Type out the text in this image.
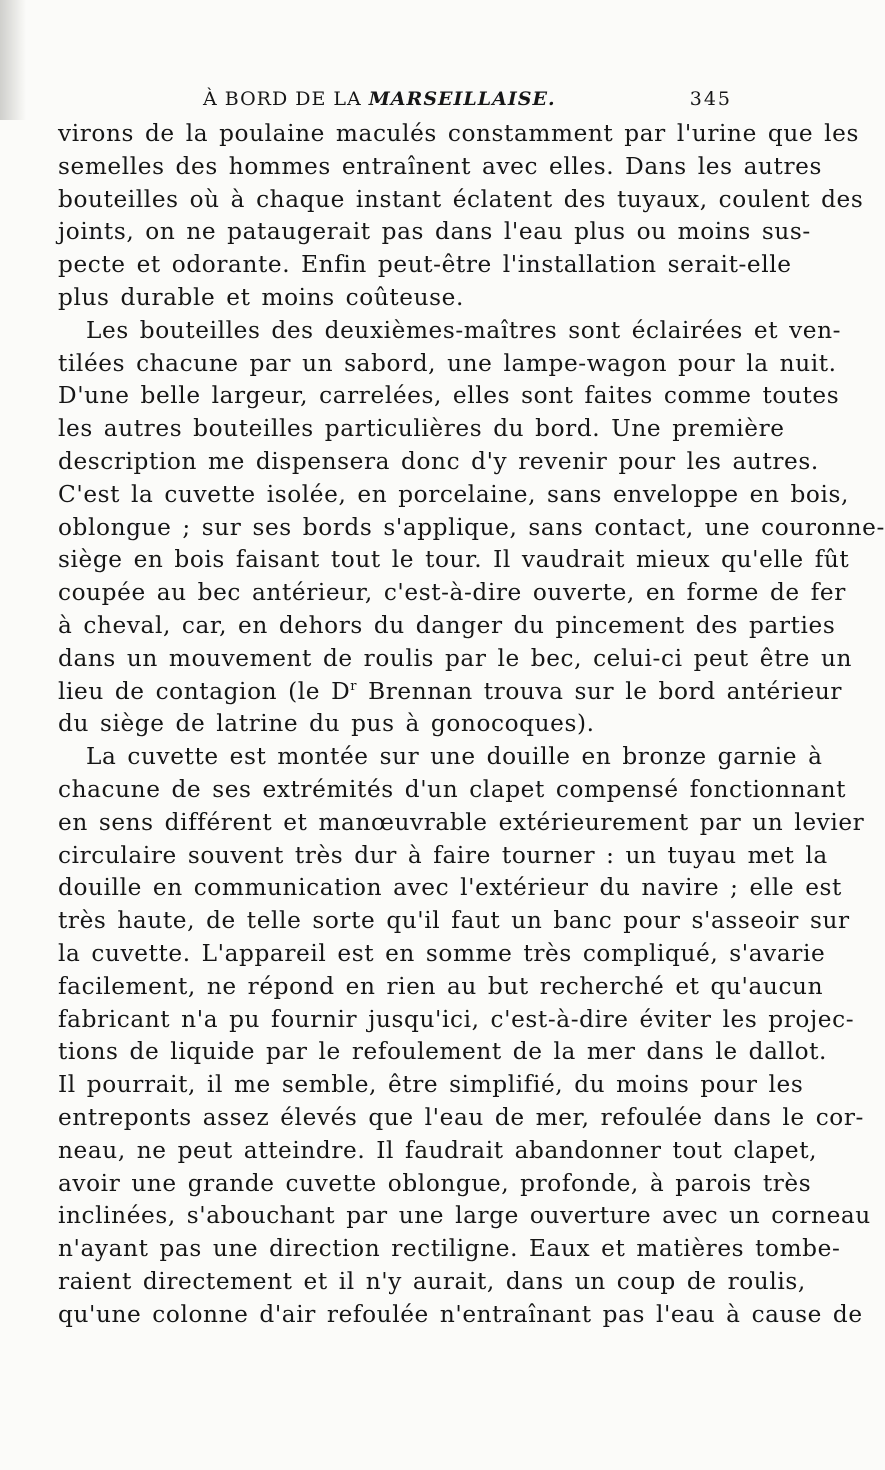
À BORD DE LA MARSEILLAISE.	345
virons de la poulaine maculés constamment par l'urine que les
semelles des hommes entraînent avec elles. Dans les autres
bouteilles où à chaque instant éclatent des tuyaux, coulent des
joints, on ne pataugerait pas dans l'eau plus ou moins sus-
pecte et odorante. Enfin peut-être l'installation serait-elle
plus durable et moins coûteuse.
Les bouteilles des deuxièmes-maîtres sont éclairées et ven-
tilées chacune par un sabord, une lampe-wagon pour la nuit.
D'une belle largeur, carrelées, elles sont faites comme toutes
les autres bouteilles particulières du bord. Une première
description me dispensera donc d'y revenir pour les autres.
C'est la cuvette isolée, en porcelaine, sans enveloppe en bois,
oblongue ; sur ses bords s'applique, sans contact, une couronne-
siège en bois faisant tout le tour. Il vaudrait mieux qu'elle fût
coupée au bec antérieur, c'est-à-dire ouverte, en forme de fer
à cheval, car, en dehors du danger du pincement des parties
dans un mouvement de roulis par le bec, celui-ci peut être un
lieu de contagion (le $D^r$ Brennan trouva sur le bord antérieur
du siège de latrine du pus à gonocoques).
La cuvette est montée sur une douille en bronze garnie à
chacune de ses extrémités d'un clapet compensé fonctionnant
en sens différent et manœuvrable extérieurement par un levier
circulaire souvent très dur à faire tourner : un tuyau met la
douille en communication avec l'extérieur du navire ; elle est
très haute, de telle sorte qu'il faut un banc pour s'asseoir sur
la cuvette. L'appareil est en somme très compliqué, s'avarie
facilement, ne répond en rien au but recherché et qu'aucun
fabricant n'a pu fournir jusqu'ici, c'est-à-dire éviter les projec-
tions de liquide par le refoulement de la mer dans le dallot.
Il pourrait, il me semble, être simplifié, du moins pour les
entreponts assez élevés que l'eau de mer, refoulée dans le cor-
neau, ne peut atteindre. Il faudrait abandonner tout clapet,
avoir une grande cuvette oblongue, profonde, à parois très
inclinées, s'abouchant par une large ouverture avec un corneau
n'ayant pas une direction rectiligne. Eaux et matières tombe-
raient directement et il n'y aurait, dans un coup de roulis,
qu'une colonne d'air refoulée n'entraînant pas l'eau à cause de
